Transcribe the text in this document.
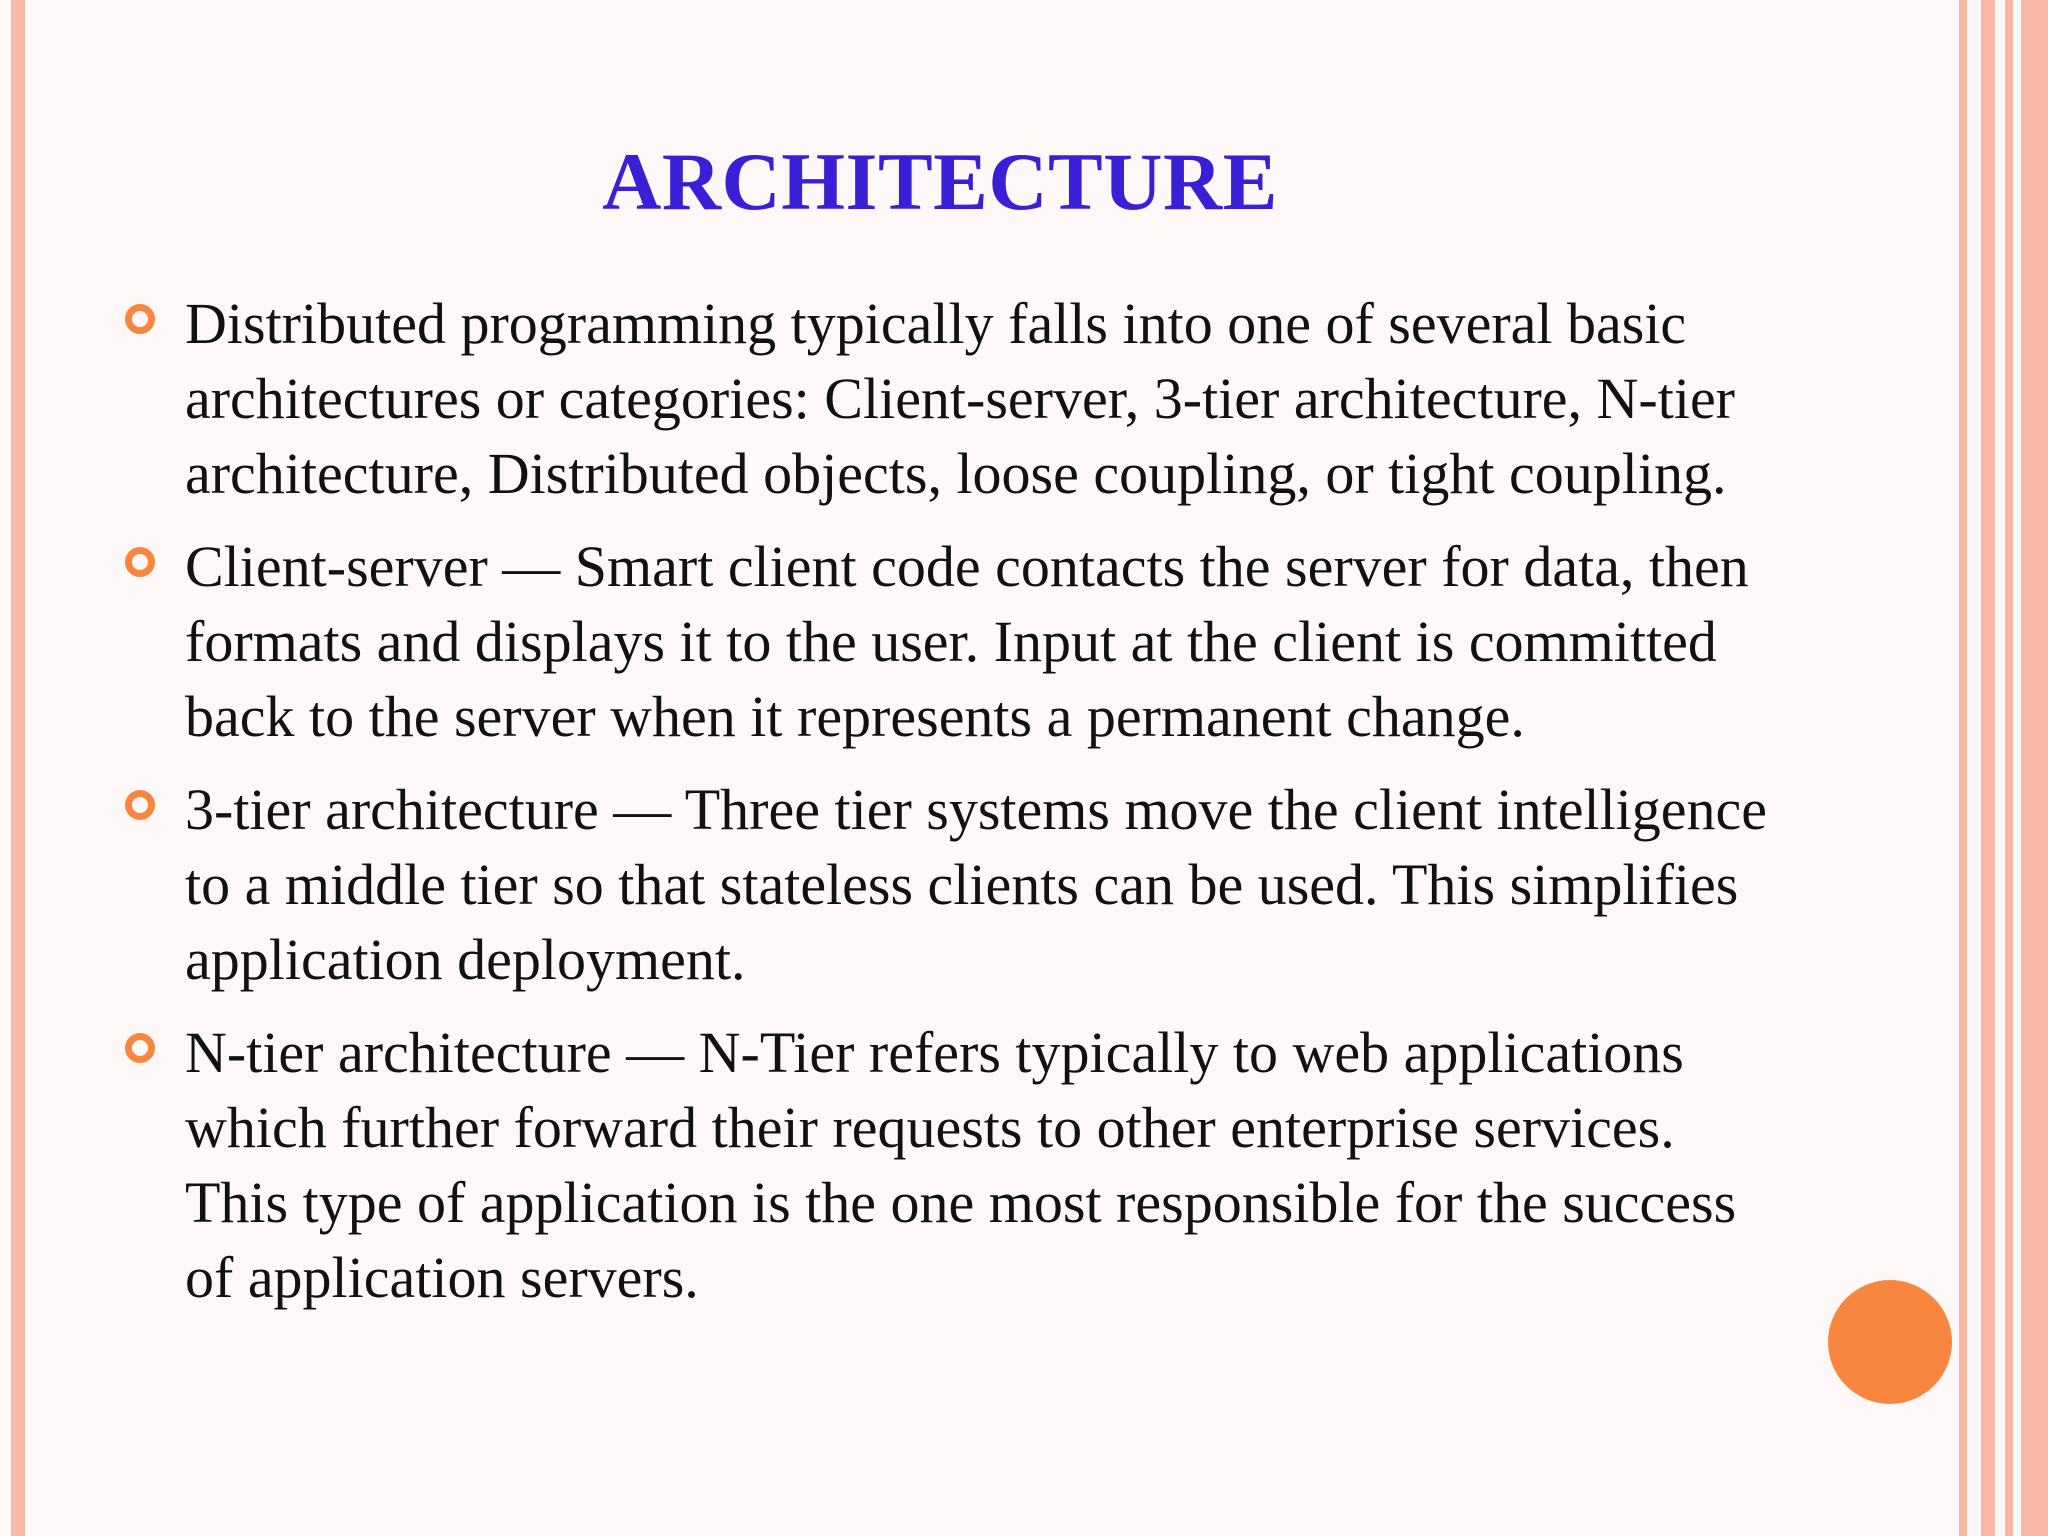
ARCHITECTURE
Distributed programming typically falls into one of several basic architectures or categories: Client-server, 3-tier architecture, N-tier architecture, Distributed objects, loose coupling, or tight coupling.
Client-server — Smart client code contacts the server for data, then formats and displays it to the user. Input at the client is committed back to the server when it represents a permanent change.
3-tier architecture — Three tier systems move the client intelligence to a middle tier so that stateless clients can be used. This simplifies application deployment.
N-tier architecture — N-Tier refers typically to web applications which further forward their requests to other enterprise services. This type of application is the one most responsible for the success of application servers.
